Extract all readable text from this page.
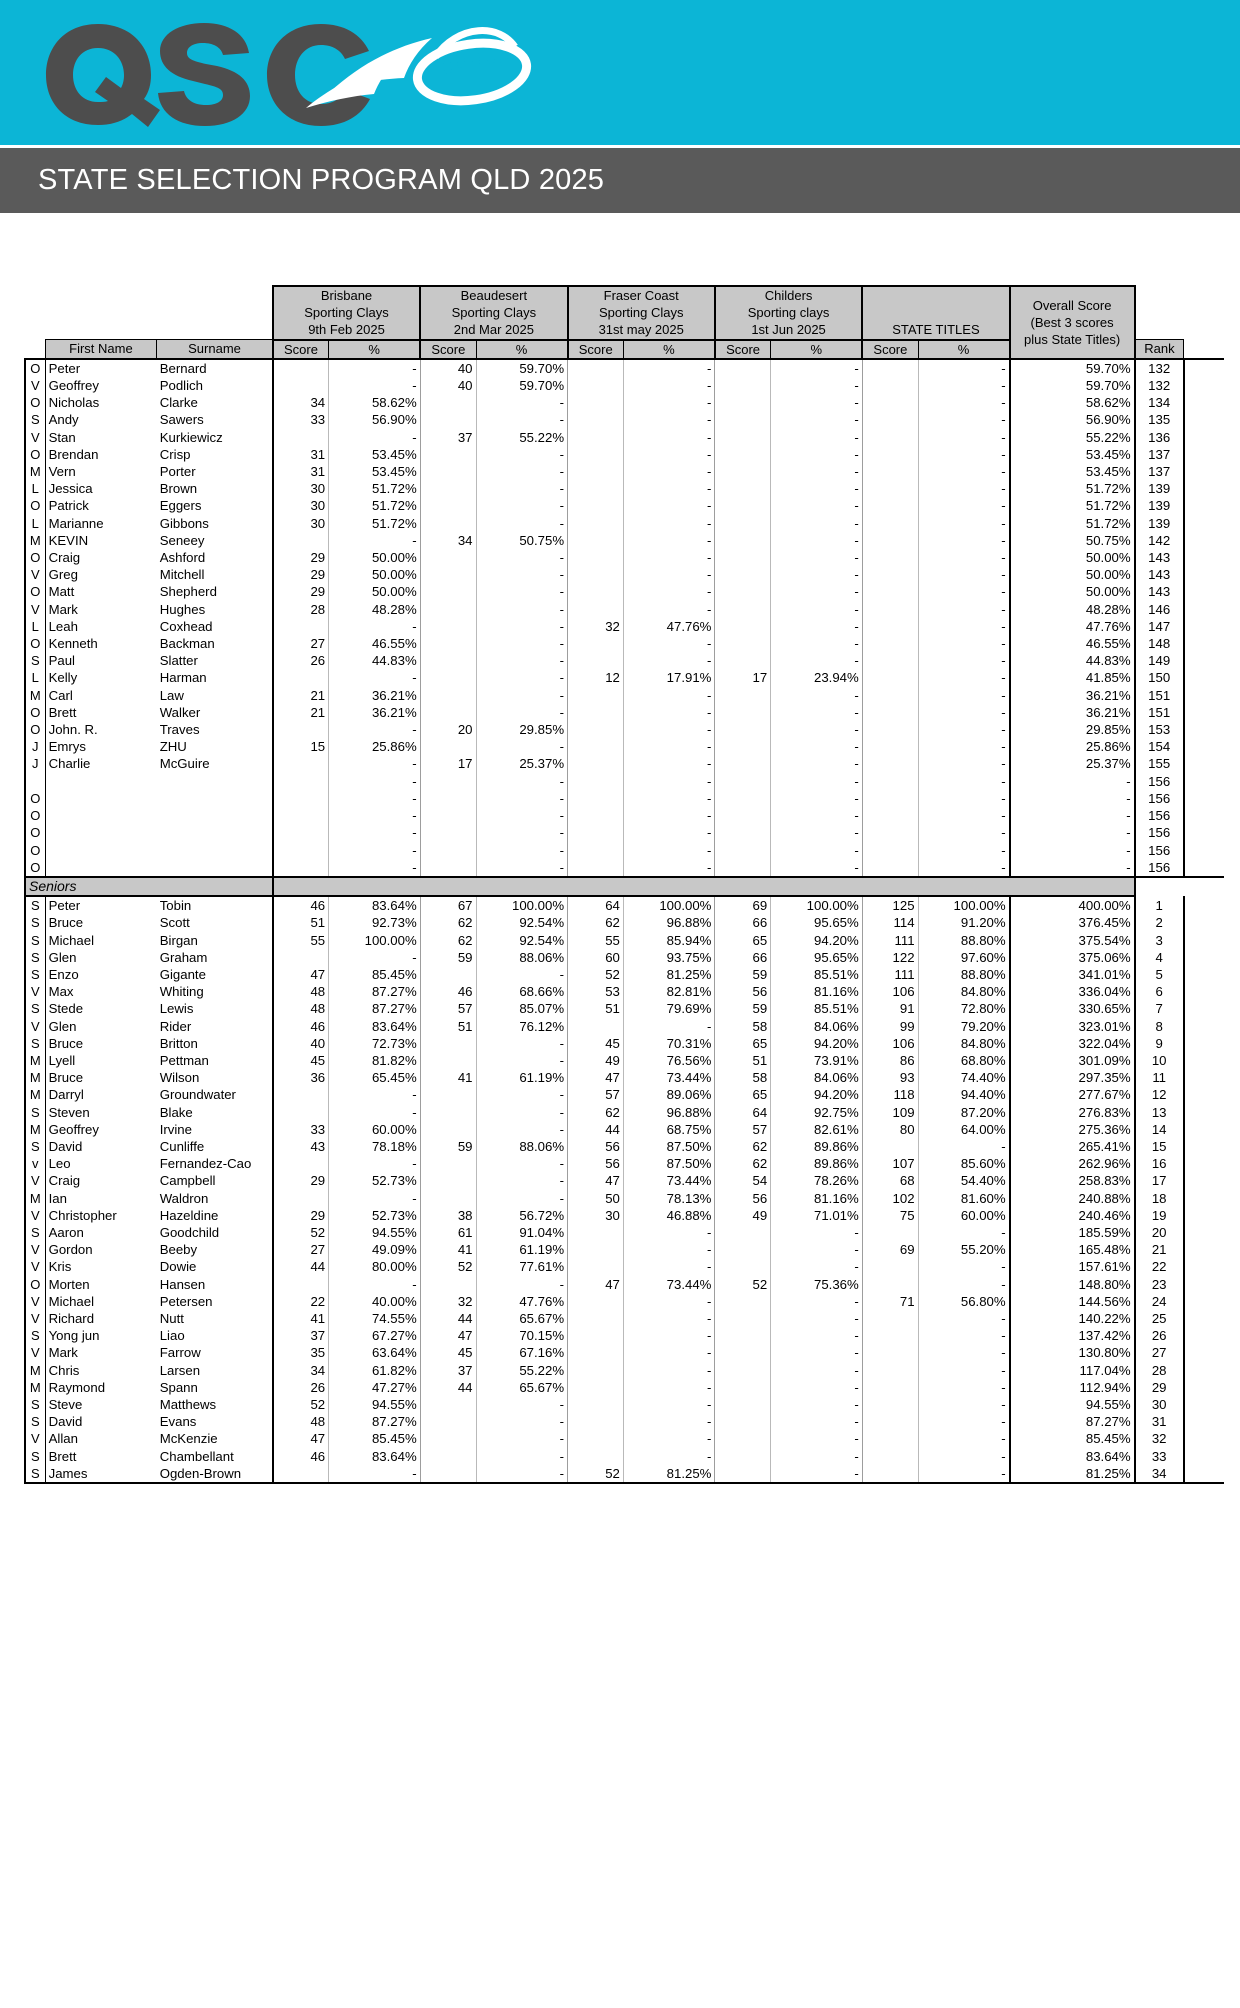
STATE SELECTION PROGRAM QLD 2025

Brisbane
Sporting Clays
9th Feb 2025

Beaudesert
Sporting Clays
2nd Mar 2025

Fraser Coast
Sporting Clays
31st may 2025

Childers
Sporting clays
1st Jun 2025	STATE TITLES

Overall Score
(Best 3 scores
plus State Titles)

	First Name	Surname	Score	%	Score	%	Score	%	Score	%	Score	%		Rank	
O	Peter	Bernard		-	40	59.70%		-		-		-	59.70%	132	
V	Geoffrey	Podlich		-	40	59.70%		-		-		-	59.70%	132	
O	Nicholas	Clarke	34	58.62%		-		-		-		-	58.62%	134	
S	Andy	Sawers	33	56.90%		-		-		-		-	56.90%	135	
V	Stan	Kurkiewicz		-	37	55.22%		-		-		-	55.22%	136	
O	Brendan	Crisp	31	53.45%		-		-		-		-	53.45%	137	
M	Vern	Porter	31	53.45%		-		-		-		-	53.45%	137	
L	Jessica	Brown	30	51.72%		-		-		-		-	51.72%	139	
O	Patrick	Eggers	30	51.72%		-		-		-		-	51.72%	139	
L	Marianne	Gibbons	30	51.72%		-		-		-		-	51.72%	139	
M	KEVIN	Seneey		-	34	50.75%		-		-		-	50.75%	142	
O	Craig	Ashford	29	50.00%		-		-		-		-	50.00%	143	
V	Greg	Mitchell	29	50.00%		-		-		-		-	50.00%	143	
O	Matt	Shepherd	29	50.00%		-		-		-		-	50.00%	143	
V	Mark	Hughes	28	48.28%		-		-		-		-	48.28%	146	
L	Leah	Coxhead		-		-	32	47.76%		-		-	47.76%	147	
O	Kenneth	Backman	27	46.55%		-		-		-		-	46.55%	148	
S	Paul	Slatter	26	44.83%		-		-		-		-	44.83%	149	
L	Kelly	Harman		-		-	12	17.91%	17	23.94%		-	41.85%	150	
M	Carl	Law	21	36.21%		-		-		-		-	36.21%	151	
O	Brett	Walker	21	36.21%		-		-		-		-	36.21%	151	
O	John. R.	Traves		-	20	29.85%		-		-		-	29.85%	153	
J	Emrys	ZHU	15	25.86%		-		-		-		-	25.86%	154	
J	Charlie	McGuire		-	17	25.37%		-		-		-	25.37%	155	
				-		-		-		-		-	-	156	
O				-		-		-		-		-	-	156	
O				-		-		-		-		-	-	156	
O				-		-		-		-		-	-	156	
O				-		-		-		-		-	-	156	
O				-		-		-		-		-	-	156	
Seniors															
S	Peter	Tobin	46	83.64%	67	100.00%	64	100.00%	69	100.00%	125	100.00%	400.00%	1	
S	Bruce	Scott	51	92.73%	62	92.54%	62	96.88%	66	95.65%	114	91.20%	376.45%	2	
S	Michael	Birgan	55	100.00%	62	92.54%	55	85.94%	65	94.20%	111	88.80%	375.54%	3	
S	Glen	Graham		-	59	88.06%	60	93.75%	66	95.65%	122	97.60%	375.06%	4	
S	Enzo	Gigante	47	85.45%		-	52	81.25%	59	85.51%	111	88.80%	341.01%	5	
V	Max	Whiting	48	87.27%	46	68.66%	53	82.81%	56	81.16%	106	84.80%	336.04%	6	
S	Stede	Lewis	48	87.27%	57	85.07%	51	79.69%	59	85.51%	91	72.80%	330.65%	7	
V	Glen	Rider	46	83.64%	51	76.12%		-	58	84.06%	99	79.20%	323.01%	8	
S	Bruce	Britton	40	72.73%		-	45	70.31%	65	94.20%	106	84.80%	322.04%	9	
M	Lyell	Pettman	45	81.82%		-	49	76.56%	51	73.91%	86	68.80%	301.09%	10	
M	Bruce	Wilson	36	65.45%	41	61.19%	47	73.44%	58	84.06%	93	74.40%	297.35%	11	
M	Darryl	Groundwater		-		-	57	89.06%	65	94.20%	118	94.40%	277.67%	12	
S	Steven	Blake		-		-	62	96.88%	64	92.75%	109	87.20%	276.83%	13	
M	Geoffrey	Irvine	33	60.00%		-	44	68.75%	57	82.61%	80	64.00%	275.36%	14	
S	David	Cunliffe	43	78.18%	59	88.06%	56	87.50%	62	89.86%		-	265.41%	15	
v	Leo	Fernandez-Cao		-		-	56	87.50%	62	89.86%	107	85.60%	262.96%	16	
V	Craig	Campbell	29	52.73%		-	47	73.44%	54	78.26%	68	54.40%	258.83%	17	
M	Ian	Waldron		-		-	50	78.13%	56	81.16%	102	81.60%	240.88%	18	
V	Christopher	Hazeldine	29	52.73%	38	56.72%	30	46.88%	49	71.01%	75	60.00%	240.46%	19	
S	Aaron	Goodchild	52	94.55%	61	91.04%		-		-		-	185.59%	20	
V	Gordon	Beeby	27	49.09%	41	61.19%		-		-	69	55.20%	165.48%	21	
V	Kris	Dowie	44	80.00%	52	77.61%		-		-		-	157.61%	22	
O	Morten	Hansen		-		-	47	73.44%	52	75.36%		-	148.80%	23	
V	Michael	Petersen	22	40.00%	32	47.76%		-		-	71	56.80%	144.56%	24	
V	Richard	Nutt	41	74.55%	44	65.67%		-		-		-	140.22%	25	
S	Yong jun	Liao	37	67.27%	47	70.15%		-		-		-	137.42%	26	
V	Mark	Farrow	35	63.64%	45	67.16%		-		-		-	130.80%	27	
M	Chris	Larsen	34	61.82%	37	55.22%		-		-		-	117.04%	28	
M	Raymond	Spann	26	47.27%	44	65.67%		-		-		-	112.94%	29	
S	Steve	Matthews	52	94.55%		-		-		-		-	94.55%	30	
S	David	Evans	48	87.27%		-		-		-		-	87.27%	31	
V	Allan	McKenzie	47	85.45%		-		-		-		-	85.45%	32	
S	Brett	Chambellant	46	83.64%		-		-		-		-	83.64%	33	
S	James	Ogden-Brown		-		-	52	81.25%		-		-	81.25%	34	
